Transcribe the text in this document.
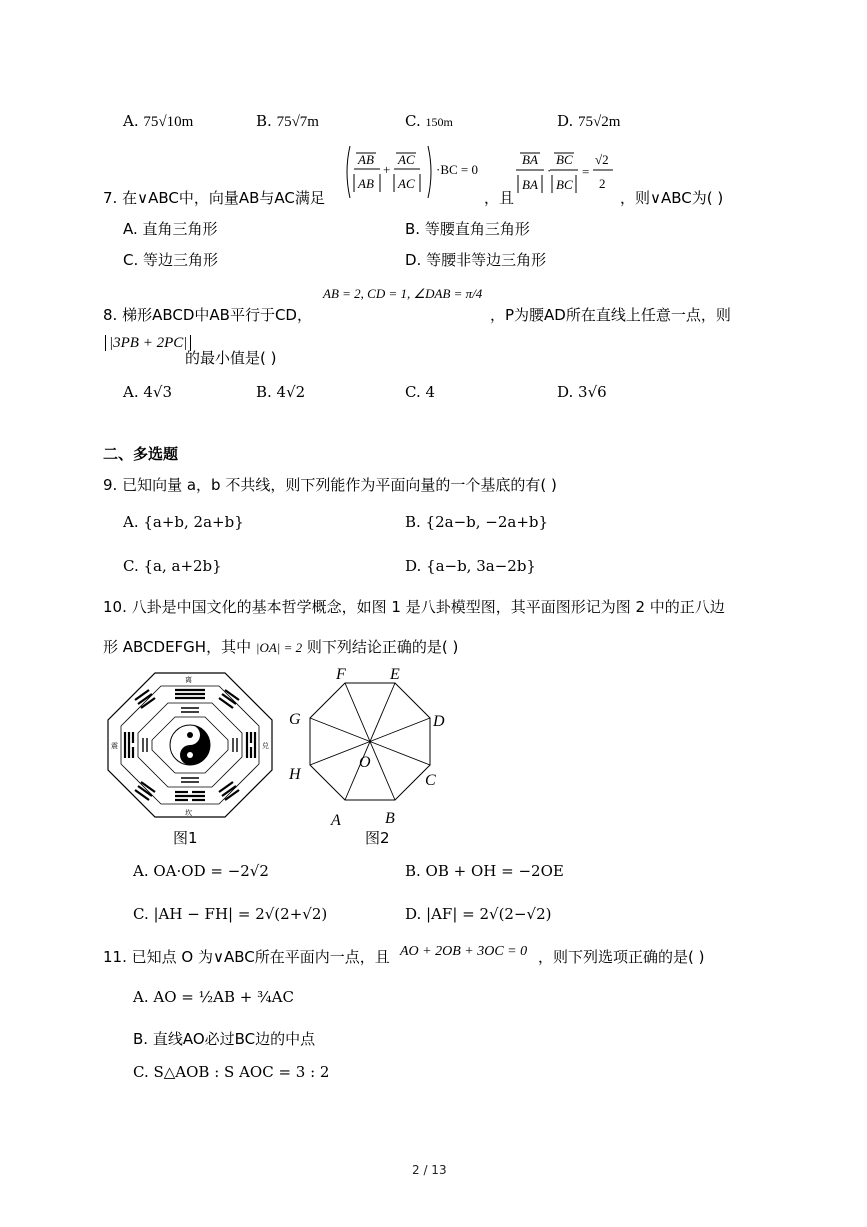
A. 75√10m	B. 75√7m	C. 150m	D. 75√2m
7. 在∨ABC中，向量AB与AC满足
AB
AB
+
AC
AC
·BC = 0
，且
BA
BA
·
BC
BC
=
√2
2
，则∨ABC为( )
A. 直角三角形	B. 等腰直角三角形
C. 等边三角形	D. 等腰非等边三角形
8. 梯形ABCD中AB平行于CD，
AB = 2, CD = 1, ∠DAB = π/4
，P为腰AD所在直线上任意一点，则
|3PB + 2PC|
的最小值是( )
A. 4√3	B. 4√2	C. 4	D. 3√6
二、多选题
9. 已知向量 a，b 不共线，则下列能作为平面向量的一个基底的有( )
A. {a+b, 2a+b}	B. {2a−b, −2a+b}
C. {a, a+2b}	D. {a−b, 3a−2b}
10. 八卦是中国文化的基本哲学概念，如图 1 是八卦模型图，其平面图形记为图 2 中的正八边
形 ABCDEFGH，其中 |OA| = 2 则下列结论正确的是( )
离
坎
震	兑
图1
F	E
G	D
H	C
A	B
O
图2
A. OA·OD = −2√2	B. OB + OH = −2OE
C. |AH − FH| = 2√(2+√2)	D. |AF| = 2√(2−√2)
11. 已知点 O 为∨ABC所在平面内一点，且 AO + 2OB + 3OC = 0 ，则下列选项正确的是( )
A. AO = ½AB + ¾AC
B. 直线AO必过BC边的中点
C. S△AOB : S AOC = 3 : 2
2 / 13
